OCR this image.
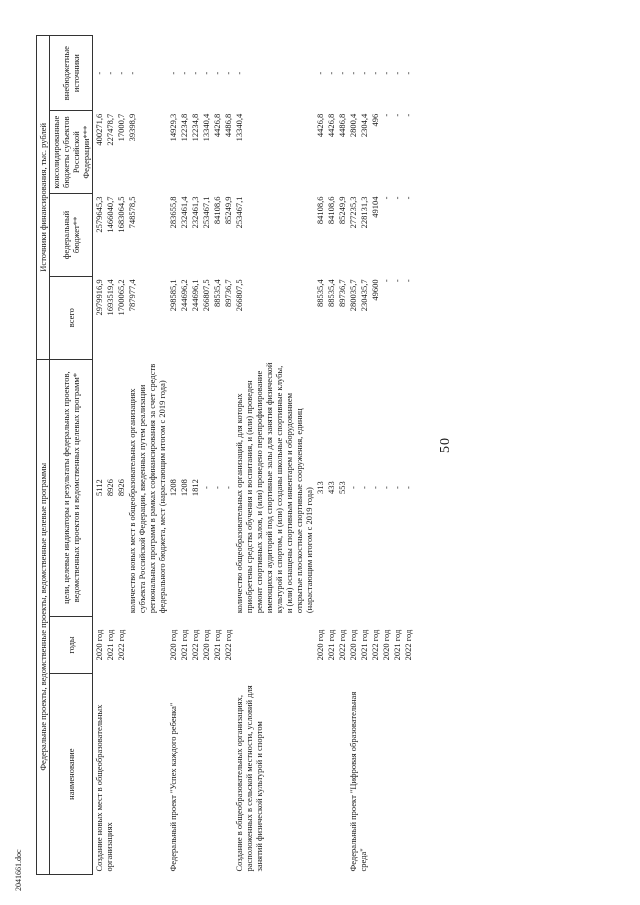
50
2041661.doc
Федеральные проекты, ведомственные проекты, ведомственные целевые программы			Источники финансирования, тыс. рублей			
наименование	годы	цели, целевые индикаторы и результаты федеральных проектов, ведомственных проектов и ведомственных целевых программ*	всего	федеральный бюджет**	консолидированные бюджеты субъектов Российской Федерации***	внебюджетные источники
Создание новых мест в общеобразовательных организациях	2020 год	5112	2979916,9	2579645,3	400271,6	-
	2021 год	8926	1693519,4	1466040,7	227478,7	-
	2022 год	8926	1700065,2	1683064,5	17000,7	-
		количество новых мест в общеобразовательных организациях субъекта Российской Федерации, введенных путем реализации региональных программ в рамках софинансирования за счет средств федерального бюджета, мест (нарастающим итогом с 2019 года)	787977,4	748578,5	39398,9	-
Федеральный проект "Успех каждого ребенка"	2020 год	1208	298585,1	283655,8	14929,3	-
	2021 год	1208	244696,2	232461,4	12234,8	-
	2022 год	1812	244696,1	232461,3	12234,8	-
	2020 год	-	266807,5	253467,1	13340,4	-
	2021 год	-	88535,4	84108,6	4426,8	-
	2022 год	-	89736,7	85249,9	4486,8	-
Создание в общеобразовательных организациях, расположенных в сельской местности, условий для занятий физической культурой и спортом		количество общеобразовательных организаций, для которых приобретены средства обучения и воспитания, и (или) проведен ремонт спортивных залов, и (или) проведено перепрофилирование имеющихся аудиторий под спортивные залы для занятия физической культурой и спортом, и (или) созданы школьные спортивные клубы, и (или) оснащены спортивным инвентарем и оборудованием открытые плоскостные спортивные сооружения, единиц (нарастающим итогом с 2019 года)	266807,5	253467,1	13340,4	-
	2020 год	313	88535,4	84108,6	4426,8	-
	2021 год	433	88535,4	84108,6	4426,8	-
	2022 год	553	89736,7	85249,9	4486,8	-
Федеральный проект "Цифровая образовательная среда"	2020 год	-	280035,7	277235,3	2800,4	-
	2021 год	-	230435,7	228131,3	2304,4	-
	2022 год	-	49600	49104	496	-
	2020 год	-	-	-	-	-
	2021 год	-	-	-	-	-
	2022 год	-	-	-	-	-
